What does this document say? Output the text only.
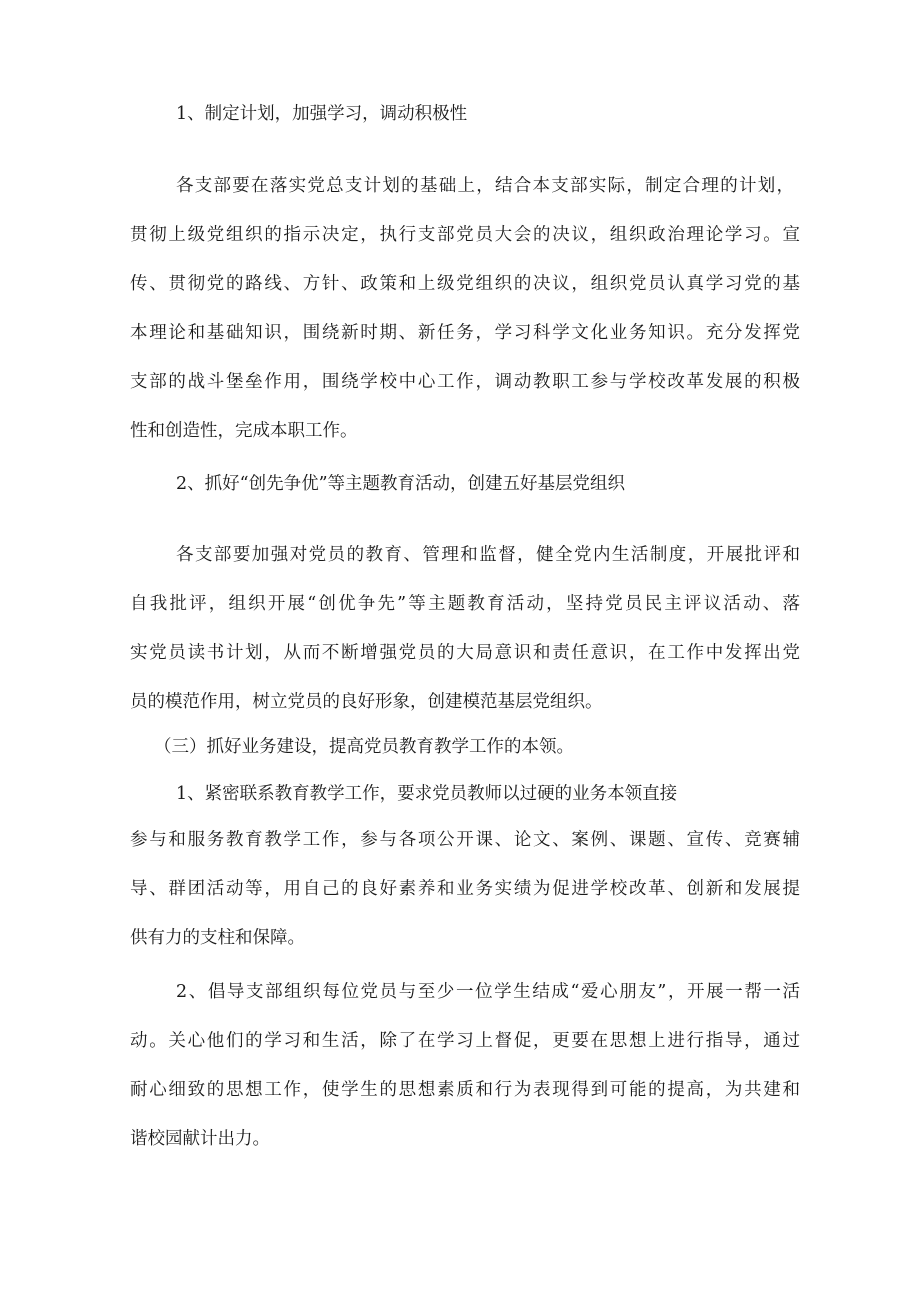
1、制定计划，加强学习，调动积极性
各支部要在落实党总支计划的基础上，结合本支部实际，制定合理的计划，
贯彻上级党组织的指示决定，执行支部党员大会的决议，组织政治理论学习。宣
传、贯彻党的路线、方针、政策和上级党组织的决议，组织党员认真学习党的基
本理论和基础知识，围绕新时期、新任务，学习科学文化业务知识。充分发挥党
支部的战斗堡垒作用，围绕学校中心工作，调动教职工参与学校改革发展的积极
性和创造性，完成本职工作。
2、抓好“创先争优”等主题教育活动，创建五好基层党组织
各支部要加强对党员的教育、管理和监督，健全党内生活制度，开展批评和
自我批评，组织开展“创优争先”等主题教育活动，坚持党员民主评议活动、落
实党员读书计划，从而不断增强党员的大局意识和责任意识，在工作中发挥出党
员的模范作用，树立党员的良好形象，创建模范基层党组织。
（三）抓好业务建设，提高党员教育教学工作的本领。
1、紧密联系教育教学工作，要求党员教师以过硬的业务本领直接
参与和服务教育教学工作，参与各项公开课、论文、案例、课题、宣传、竞赛辅
导、群团活动等，用自己的良好素养和业务实绩为促进学校改革、创新和发展提
供有力的支柱和保障。
2、倡导支部组织每位党员与至少一位学生结成“爱心朋友”，开展一帮一活
动。关心他们的学习和生活，除了在学习上督促，更要在思想上进行指导，通过
耐心细致的思想工作，使学生的思想素质和行为表现得到可能的提高，为共建和
谐校园献计出力。
